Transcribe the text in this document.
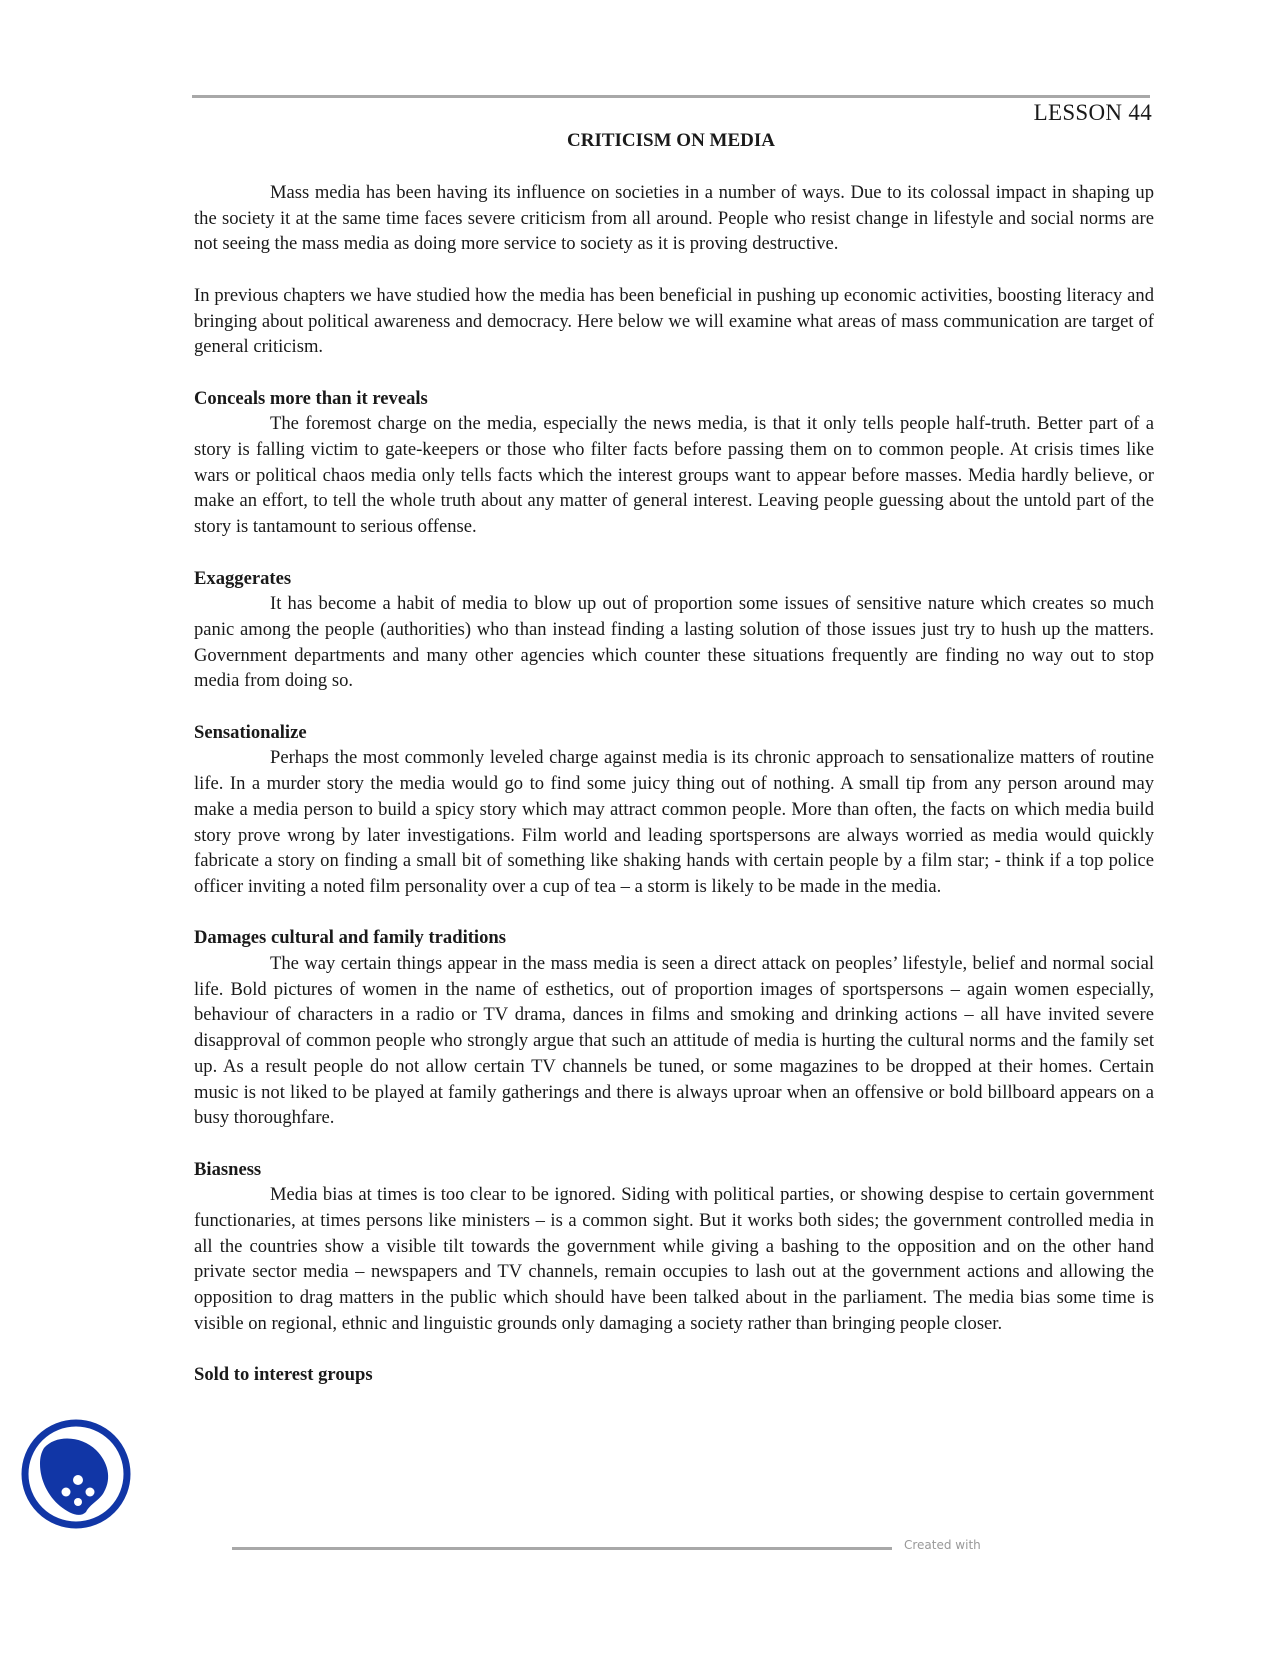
LESSON 44
CRITICISM ON MEDIA

Mass media has been having its influence on societies in a number of ways. Due to its colossal impact in shaping up the society it at the same time faces severe criticism from all around. People who resist change in lifestyle and social norms are not seeing the mass media as doing more service to society as it is proving destructive.

In previous chapters we have studied how the media has been beneficial in pushing up economic activities, boosting literacy and bringing about political awareness and democracy. Here below we will examine what areas of mass communication are target of general criticism.

Conceals more than it reveals

The foremost charge on the media, especially the news media, is that it only tells people half-truth. Better part of a story is falling victim to gate-keepers or those who filter facts before passing them on to common people. At crisis times like wars or political chaos media only tells facts which the interest groups want to appear before masses. Media hardly believe, or make an effort, to tell the whole truth about any matter of general interest. Leaving people guessing about the untold part of the story is tantamount to serious offense.

Exaggerates

It has become a habit of media to blow up out of proportion some issues of sensitive nature which creates so much panic among the people (authorities) who than instead finding a lasting solution of those issues just try to hush up the matters. Government departments and many other agencies which counter these situations frequently are finding no way out to stop media from doing so.

Sensationalize

Perhaps the most commonly leveled charge against media is its chronic approach to sensationalize matters of routine life. In a murder story the media would go to find some juicy thing out of nothing. A small tip from any person around may make a media person to build a spicy story which may attract common people. More than often, the facts on which media build story prove wrong by later investigations. Film world and leading sportspersons are always worried as media would quickly fabricate a story on finding a small bit of something like shaking hands with certain people by a film star; - think if a top police officer inviting a noted film personality over a cup of tea – a storm is likely to be made in the media.

Damages cultural and family traditions

The way certain things appear in the mass media is seen a direct attack on peoples’ lifestyle, belief and normal social life. Bold pictures of women in the name of esthetics, out of proportion images of sportspersons – again women especially, behaviour of characters in a radio or TV drama, dances in films and smoking and drinking actions – all have invited severe disapproval of common people who strongly argue that such an attitude of media is hurting the cultural norms and the family set up. As a result people do not allow certain TV channels be tuned, or some magazines to be dropped at their homes. Certain music is not liked to be played at family gatherings and there is always uproar when an offensive or bold billboard appears on a busy thoroughfare.

Biasness

Media bias at times is too clear to be ignored. Siding with political parties, or showing despise to certain government functionaries, at times persons like ministers – is a common sight. But it works both sides; the government controlled media in all the countries show a visible tilt towards the government while giving a bashing to the opposition and on the other hand private sector media – newspapers and TV channels, remain occupies to lash out at the government actions and allowing the opposition to drag matters in the public which should have been talked about in the parliament. The media bias some time is visible on regional, ethnic and linguistic grounds only damaging a society rather than bringing people closer.

Sold to interest groups

Created with
